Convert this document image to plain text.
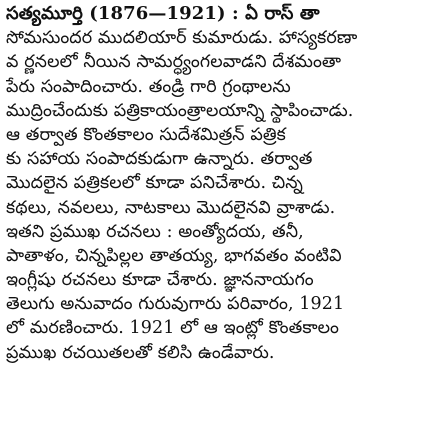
సత్యమూర్తి (1876—1921) : ఏ రాస్ తా
సోమసుందర ముదలియార్ కుమారుడు. హాస్యకరణా
వ ర్ణనలలో నీయిన సామర్ధ్యంగలవాడని దేశమంతా
పేరు సంపాదించారు. తండ్రి గారి గ్రంథాలను
ముద్రించేందుకు పత్రికాయంత్రాలయాన్ని స్థాపించాడు.
ఆ తర్వాత కొంతకాలం సుదేశమిత్రన్ పత్రిక
కు సహాయ సంపాదకుడుగా ఉన్నారు. తర్వాత
మొదలైన పత్రికలలో కూడా పనిచేశారు. చిన్న
కథలు, నవలలు, నాటకాలు మొదలైనవి వ్రాశాడు.
ఇతని ప్రముఖ రచనలు : అంత్యోదయ, తనీ,
పాతాళం, చిన్నపిల్లల తాతయ్య, భాగవతం వంటివి
ఇంగ్లీషు రచనలు కూడా చేశారు. జ్ఞాననాయగం
తెలుగు అనువాదం గురువుగారు పరివారం, 1921
లో మరణించారు. 1921 లో ఆ ఇంట్లో కొంతకాలం
ప్రముఖ రచయితలతో కలిసి ఉండేవారు.
